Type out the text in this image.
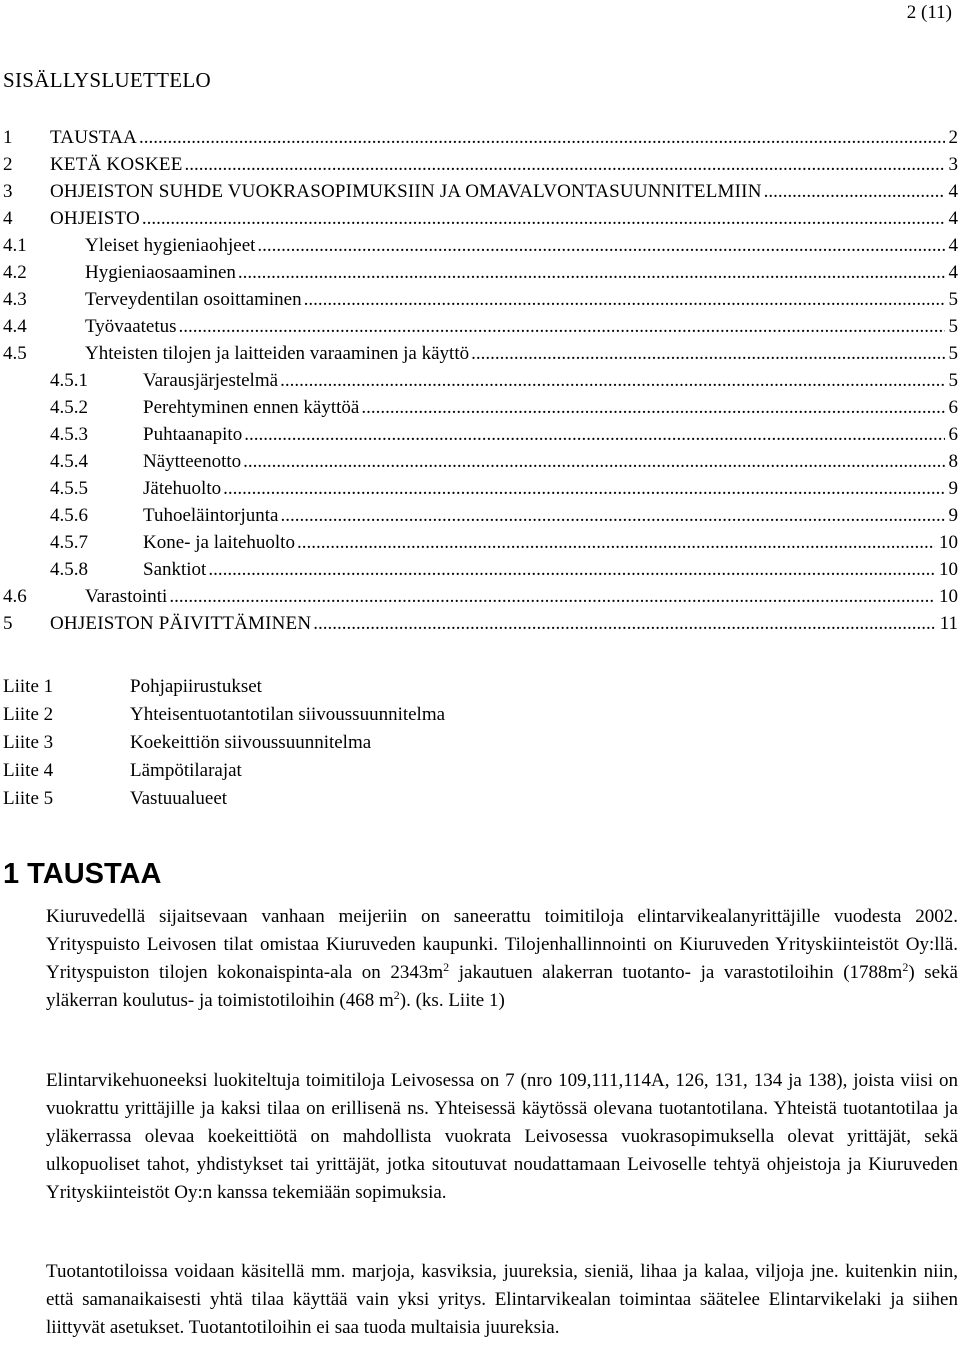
2 (11)
SISÄLLYSLUETTELO
1	TAUSTAA .....	2
2	KETÄ KOSKEE .....	3
3	OHJEISTON SUHDE VUOKRASOPIMUKSIIN JA OMAVALVONTASUUNNITELMIIN .....	4
4	OHJEISTO .....	4
4.1	Yleiset hygieniaohjeet .....	4
4.2	Hygieniaosaaminen .....	4
4.3	Terveydentilan osoittaminen .....	5
4.4	Työvaatetus .....	5
4.5	Yhteisten tilojen ja laitteiden varaaminen ja käyttö .....	5
4.5.1	Varausjärjestelmä .....	5
4.5.2	Perehtyminen ennen käyttöä .....	6
4.5.3	Puhtaanapito .....	6
4.5.4	Näytteenotto .....	8
4.5.5	Jätehuolto .....	9
4.5.6	Tuhoeläintorjunta .....	9
4.5.7	Kone- ja laitehuolto .....	10
4.5.8	Sanktiot .....	10
4.6	Varastointi .....	10
5	OHJEISTON PÄIVITTÄMINEN .....	11
Liite 1	Pohjapiirustukset
Liite 2	Yhteisentuotantotilan siivoussuunnitelma
Liite 3	Koekeittiön siivoussuunnitelma
Liite 4	Lämpötilarajat
Liite 5	Vastuualueet
1 TAUSTAA

Kiuruvedellä sijaitsevaan vanhaan meijeriin on saneerattu toimitiloja elintarvikealanyrittäjille vuodesta 2002. Yrityspuisto Leivosen tilat omistaa Kiuruveden kaupunki. Tilojenhallinnointi on Kiuruveden Yrityskiinteistöt Oy:llä. Yrityspuiston tilojen kokonaispinta-ala on $2343m^2$ jakautuen alakerran tuotanto- ja varastotiloihin $(1788m^2)$ sekä yläkerran koulutus- ja toimistotiloihin (468 $m^2$). (ks. Liite 1)

Elintarvikehuoneeksi luokiteltuja toimitiloja Leivosessa on 7 (nro 109,111,114A, 126, 131, 134 ja 138), joista viisi on vuokrattu yrittäjille ja kaksi tilaa on erillisenä ns. Yhteisessä käytössä olevana tuotantotilana. Yhteistä tuotantotilaa ja yläkerrassa olevaa koekeittiötä on mahdollista vuokrata Leivosessa vuokrasopimuksella olevat yrittäjät, sekä ulkopuoliset tahot, yhdistykset tai yrittäjät, jotka sitoutuvat noudattamaan Leivoselle tehtyä ohjeistoja ja Kiuruveden Yrityskiinteistöt Oy:n kanssa tekemiään sopimuksia.

Tuotantotiloissa voidaan käsitellä mm. marjoja, kasviksia, juureksia, sieniä, lihaa ja kalaa, viljoja jne. kuitenkin niin, että samanaikaisesti yhtä tilaa käyttää vain yksi yritys. Elintarvikealan toimintaa säätelee Elintarvikelaki ja siihen liittyvät asetukset. Tuotantotiloihin ei saa tuoda multaisia juureksia.
